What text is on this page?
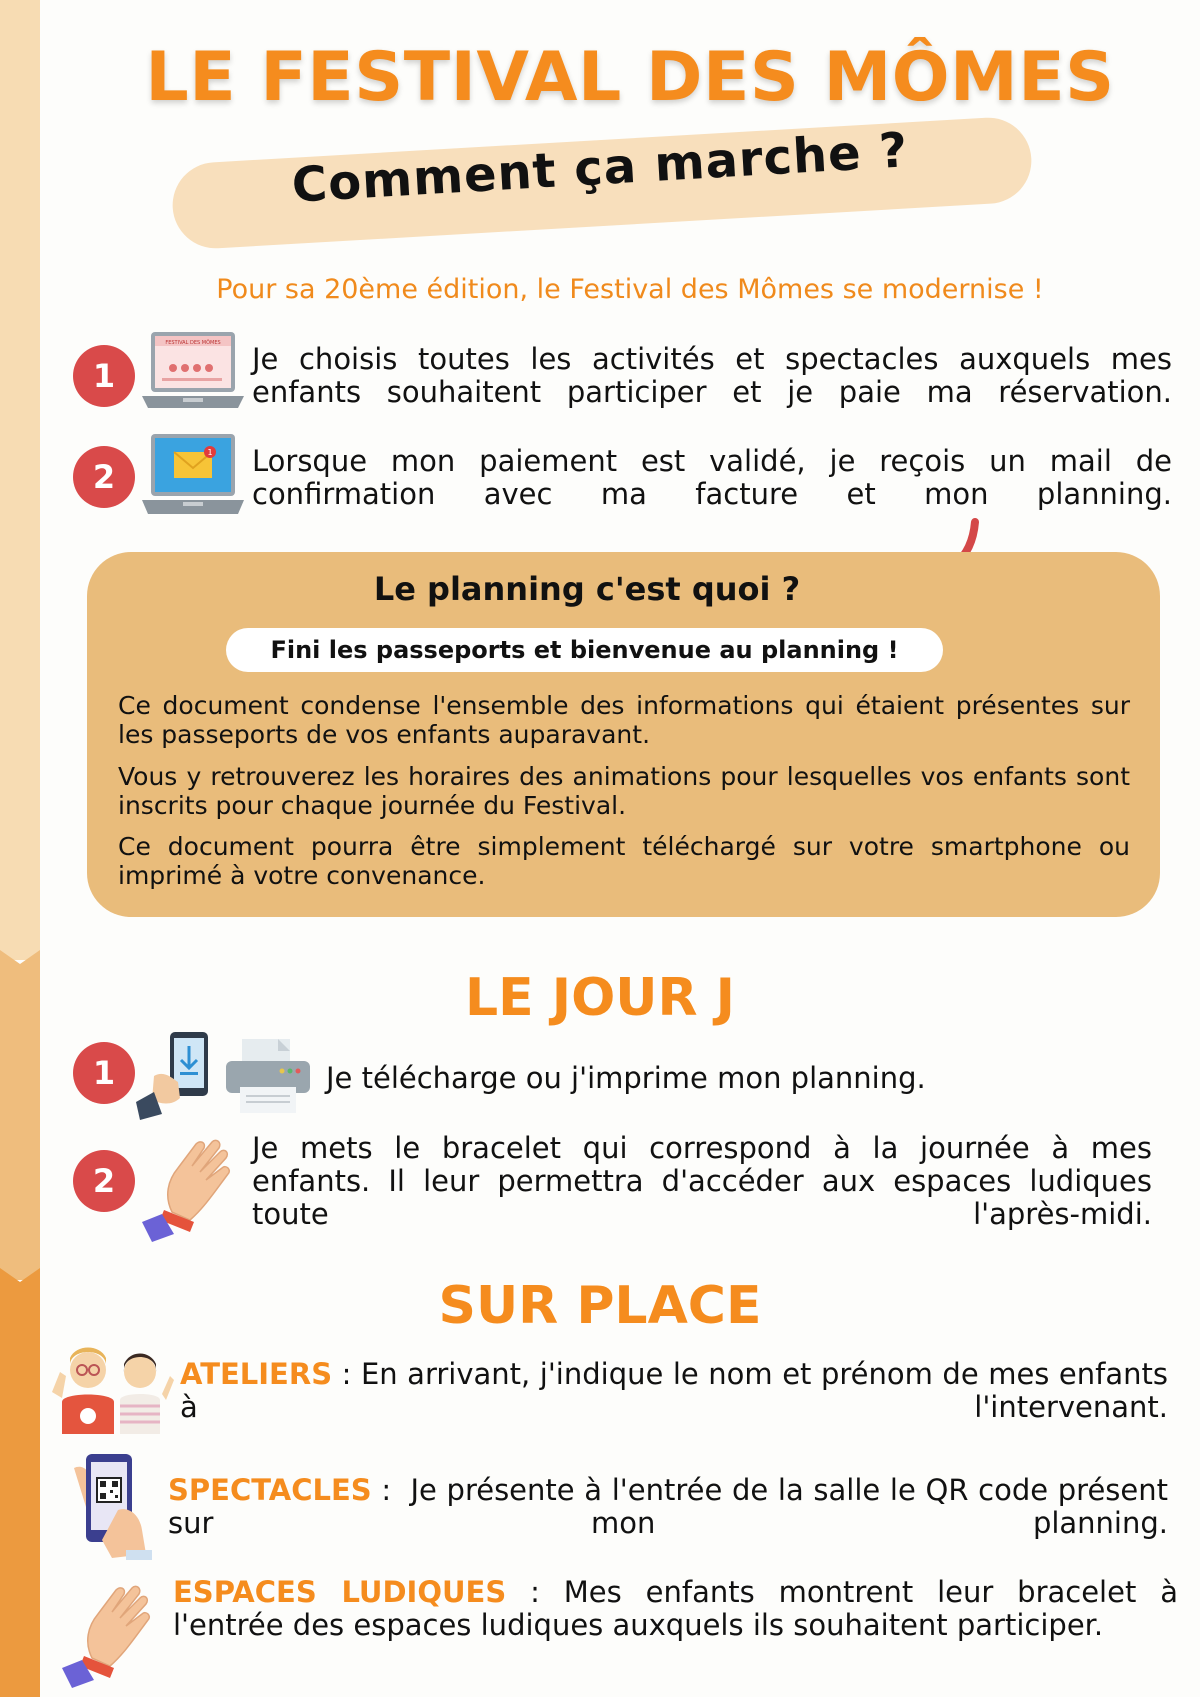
LE FESTIVAL DES MÔMES
Comment ça marche ?
Pour sa 20ème édition, le Festival des Mômes se modernise !
1
FESTIVAL DES MÔMES Je choisis toutes les activités et spectacles auxquels mes enfants souhaitent participer et je paie ma réservation.
2
1 Lorsque mon paiement est validé, je reçois un mail de confirmation avec ma facture et mon planning.
Le planning c'est quoi ?
Fini les passeports et bienvenue au planning !
Ce document condense l'ensemble des informations qui étaient présentes sur les passeports de vos enfants auparavant.
Vous y retrouverez les horaires des animations pour lesquelles vos enfants sont inscrits pour chaque journée du Festival.
Ce document pourra être simplement téléchargé sur votre smartphone ou imprimé à votre convenance.
LE JOUR J
1	Je télécharge ou j'imprime mon planning.
2
Je mets le bracelet qui correspond à la journée à mes enfants. Il leur permettra d'accéder aux espaces ludiques toute l'après-midi.
SUR PLACE
ATELIERS : En arrivant, j'indique le nom et prénom de mes enfants à l'intervenant.
SPECTACLES :  Je présente à l'entrée de la salle le QR code présent sur mon planning.
ESPACES LUDIQUES : Mes enfants montrent leur bracelet à l'entrée des espaces ludiques auxquels ils souhaitent participer.
